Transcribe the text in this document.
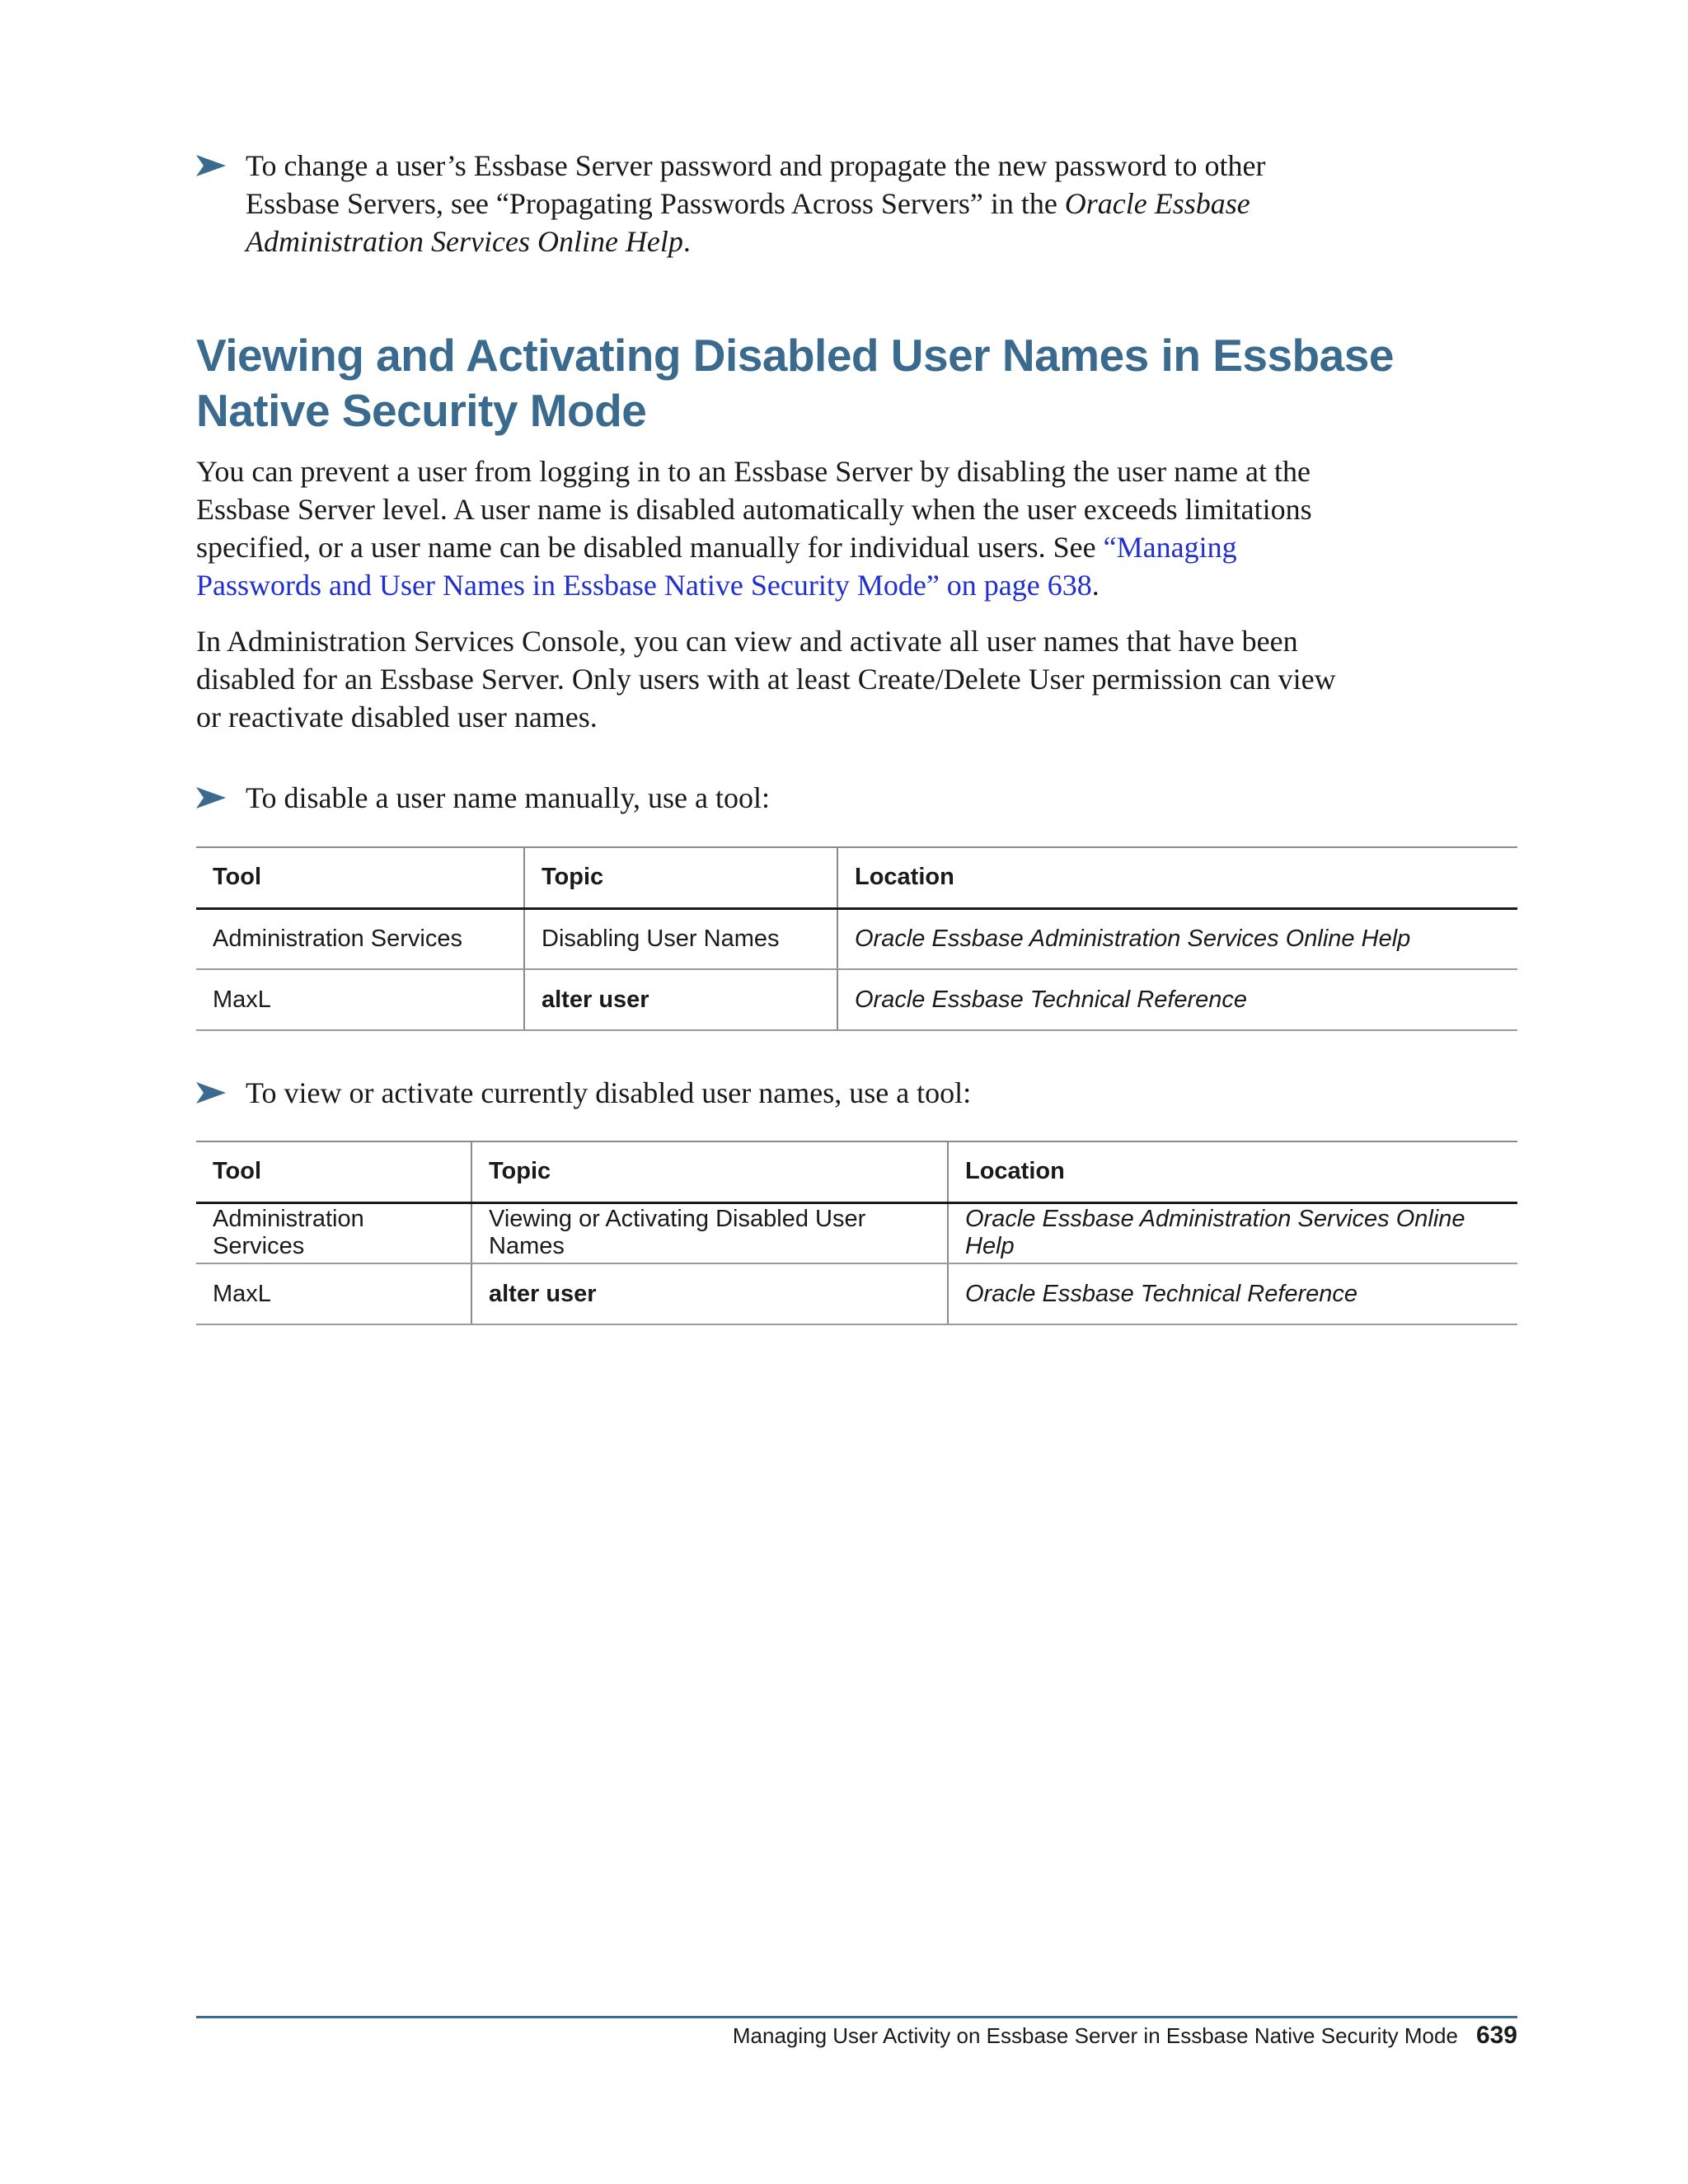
To change a user’s Essbase Server password and propagate the new password to other Essbase Servers, see “Propagating Passwords Across Servers” in the Oracle Essbase Administration Services Online Help.
Viewing and Activating Disabled User Names in Essbase Native Security Mode

You can prevent a user from logging in to an Essbase Server by disabling the user name at the Essbase Server level. A user name is disabled automatically when the user exceeds limitations specified, or a user name can be disabled manually for individual users. See “Managing Passwords and User Names in Essbase Native Security Mode” on page 638.

In Administration Services Console, you can view and activate all user names that have been disabled for an Essbase Server. Only users with at least Create/Delete User permission can view or reactivate disabled user names.

To disable a user name manually, use a tool:
Tool	Topic	Location
Administration Services	Disabling User Names	Oracle Essbase Administration Services Online Help
MaxL	alter user	Oracle Essbase Technical Reference
To view or activate currently disabled user names, use a tool:
Tool	Topic	Location
Administration Services	Viewing or Activating Disabled User Names	Oracle Essbase Administration Services Online Help
MaxL	alter user	Oracle Essbase Technical Reference
Managing User Activity on Essbase Server in Essbase Native Security Mode 639
